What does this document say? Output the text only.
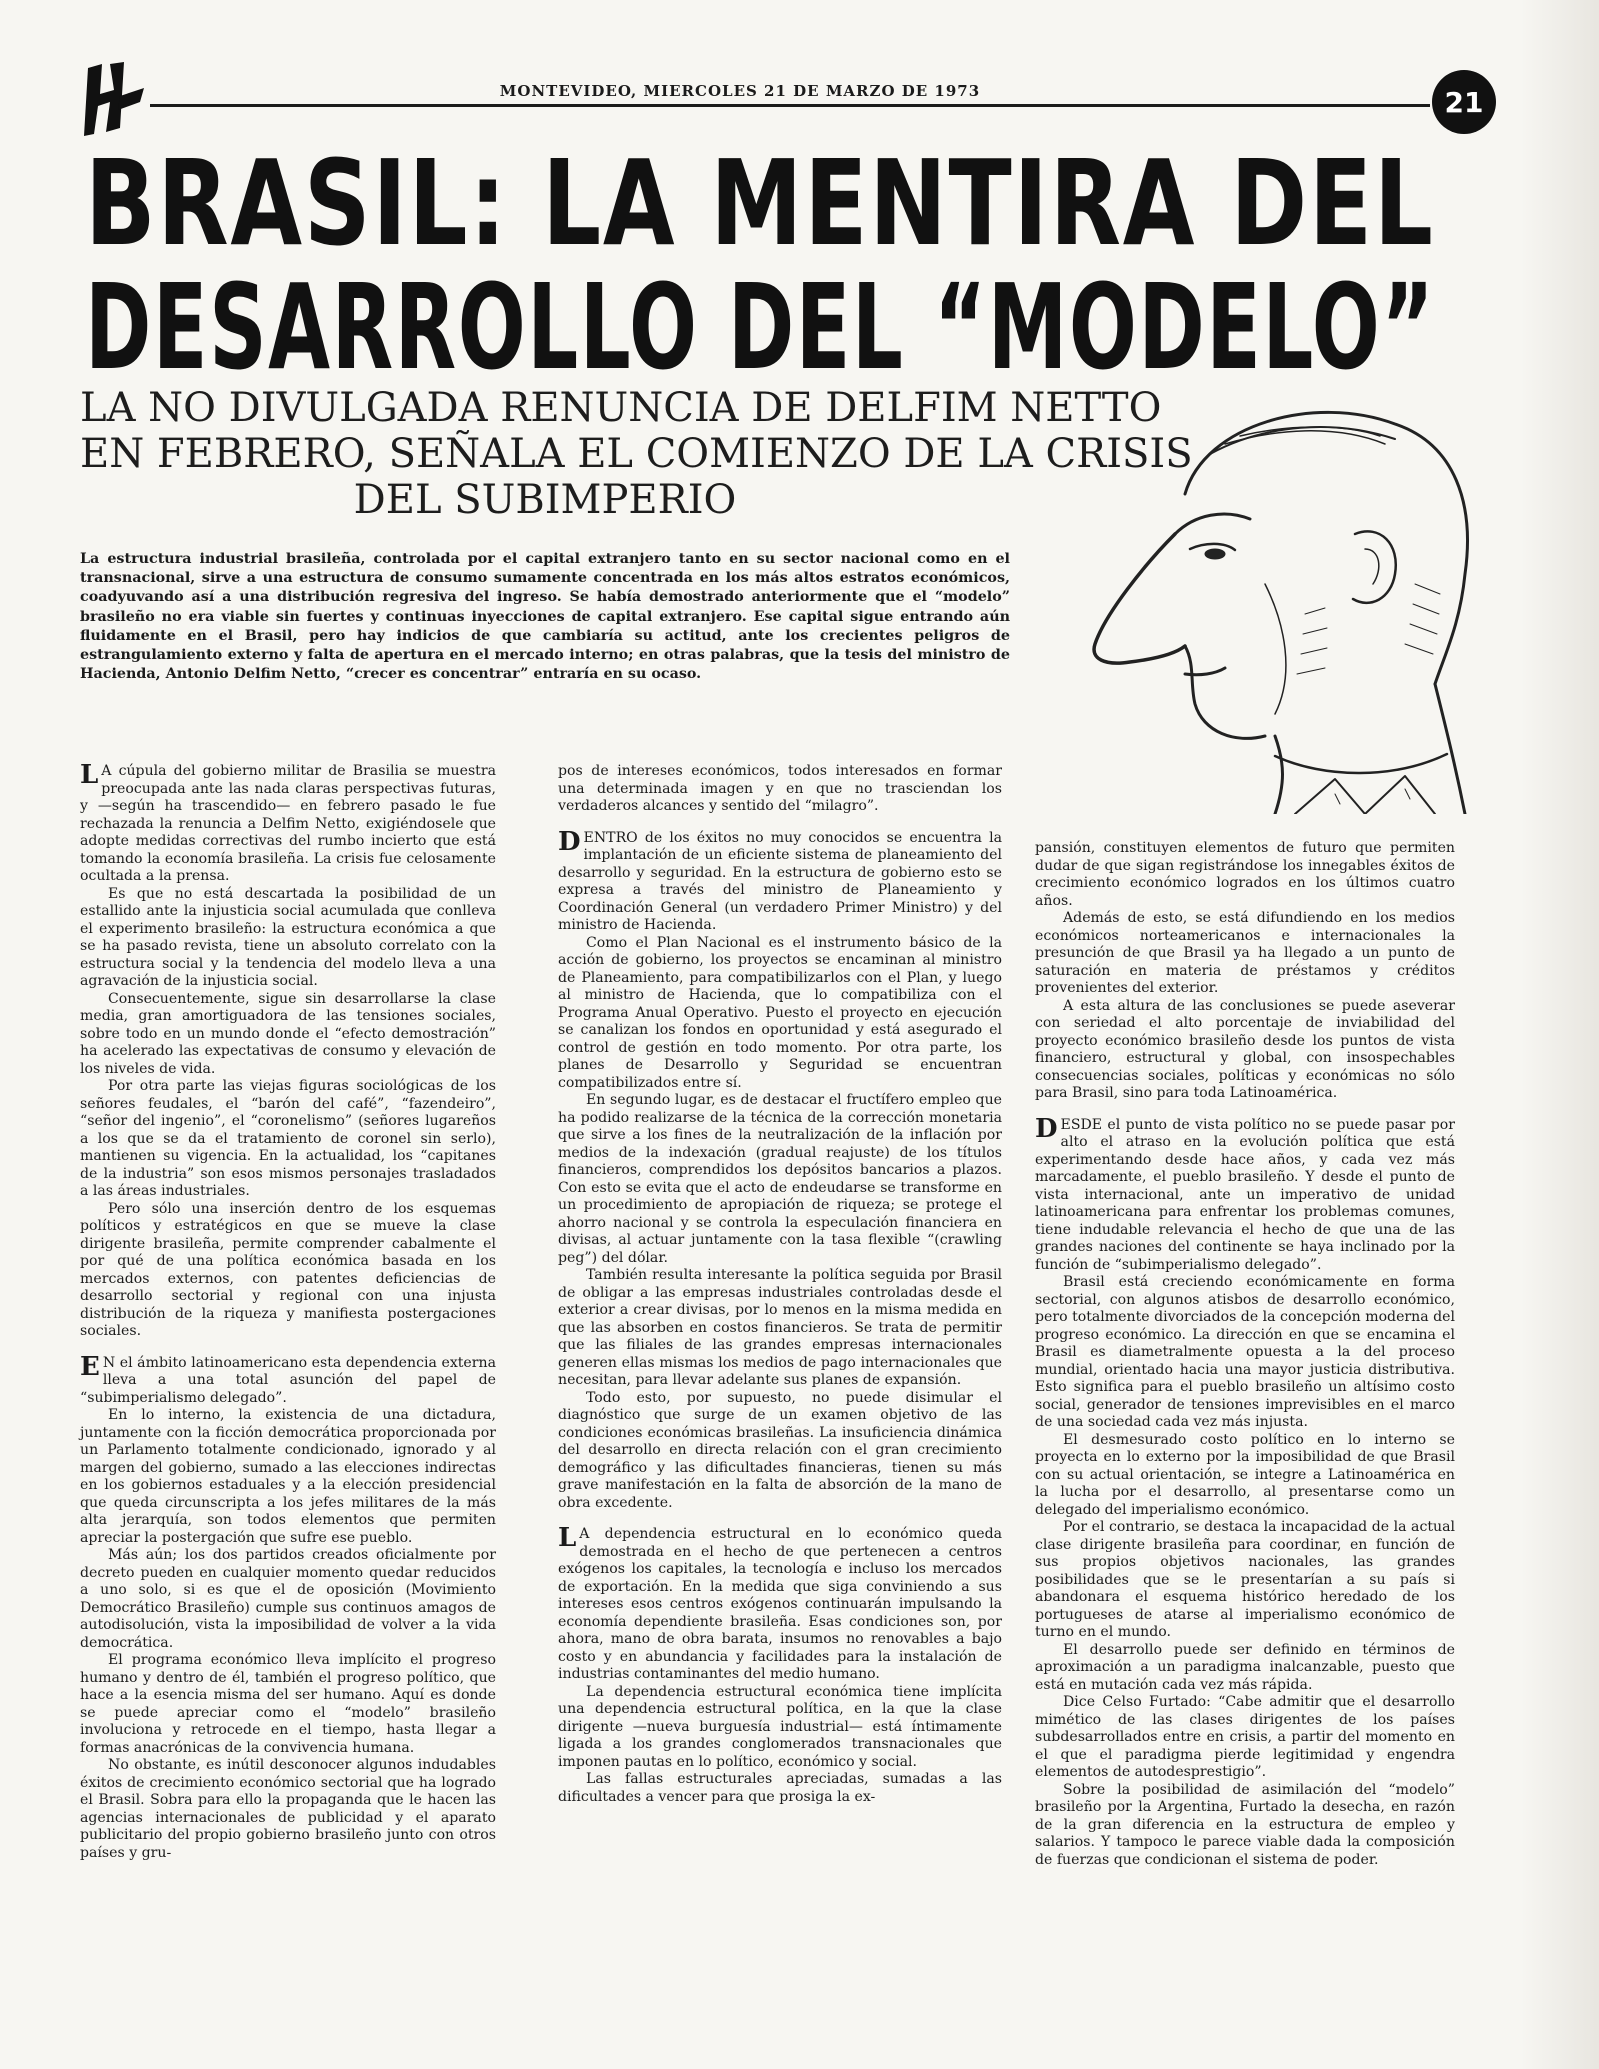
MONTEVIDEO, MIERCOLES 21 DE MARZO DE 1973	21
BRASIL: LA MENTIRA DEL
DESARROLLO DEL “MODELO”
LA NO DIVULGADA RENUNCIA DE DELFIM NETTO
EN FEBRERO, SEÑALA EL COMIENZO DE LA CRISIS
DEL SUBIMPERIO
La estructura industrial brasileña, controlada por el capital extranjero tanto en su sector nacional como en el transnacional, sirve a una estructura de consumo sumamente concentrada en los más altos estratos económicos, coadyuvando así a una distribución regresiva del ingreso. Se había demostrado anteriormente que el “modelo” brasileño no era viable sin fuertes y continuas inyecciones de capital extranjero. Ese capital sigue entrando aún fluidamente en el Brasil, pero hay indicios de que cambiaría su actitud, ante los crecientes peligros de estrangulamiento externo y falta de apertura en el mercado interno; en otras palabras, que la tesis del ministro de Hacienda, Antonio Delfim Netto, “crecer es concentrar” entraría en su ocaso.

L A cúpula del gobierno militar de Brasilia se muestra preocupada ante las nada claras perspectivas futuras, y —según ha trascendido— en febrero pasado le fue rechazada la renuncia a Delfim Netto, exigiéndosele que adopte medidas correctivas del rumbo incierto que está tomando la economía brasileña. La crisis fue celosamente ocultada a la prensa.

Es que no está descartada la posibilidad de un estallido ante la injusticia social acumulada que conlleva el experimento brasileño: la estructura económica a que se ha pasado revista, tiene un absoluto correlato con la estructura social y la tendencia del modelo lleva a una agravación de la injusticia social.

Consecuentemente, sigue sin desarrollarse la clase media, gran amortiguadora de las tensiones sociales, sobre todo en un mundo donde el “efecto demostración” ha acelerado las expectativas de consumo y elevación de los niveles de vida.

Por otra parte las viejas figuras sociológicas de los señores feudales, el “barón del café”, “fazendeiro”, “señor del ingenio”, el “coronelismo” (señores lugareños a los que se da el tratamiento de coronel sin serlo), mantienen su vigencia. En la actualidad, los “capitanes de la industria” son esos mismos personajes trasladados a las áreas industriales.

Pero sólo una inserción dentro de los esquemas políticos y estratégicos en que se mueve la clase dirigente brasileña, permite comprender cabalmente el por qué de una política económica basada en los mercados externos, con patentes deficiencias de desarrollo sectorial y regional con una injusta distribución de la riqueza y manifiesta postergaciones sociales.

E N el ámbito latinoamericano esta dependencia externa lleva a una total asunción del papel de “subimperialismo delegado”.

En lo interno, la existencia de una dictadura, juntamente con la ficción democrática proporcionada por un Parlamento totalmente condicionado, ignorado y al margen del gobierno, sumado a las elecciones indirectas en los gobiernos estaduales y a la elección presidencial que queda circunscripta a los jefes militares de la más alta jerarquía, son todos elementos que permiten apreciar la postergación que sufre ese pueblo.

Más aún; los dos partidos creados oficialmente por decreto pueden en cualquier momento quedar reducidos a uno solo, si es que el de oposición (Movimiento Democrático Brasileño) cumple sus continuos amagos de autodisolución, vista la imposibilidad de volver a la vida democrática.

El programa económico lleva implícito el progreso humano y dentro de él, también el progreso político, que hace a la esencia misma del ser humano. Aquí es donde se puede apreciar como el “modelo” brasileño involuciona y retrocede en el tiempo, hasta llegar a formas anacrónicas de la convivencia humana.

No obstante, es inútil desconocer algunos indudables éxitos de crecimiento económico sectorial que ha logrado el Brasil. Sobra para ello la propaganda que le hacen las agencias internacionales de publicidad y el aparato publicitario del propio gobierno brasileño junto con otros países y gru-

pos de intereses económicos, todos interesados en formar una determinada imagen y en que no trasciendan los verdaderos alcances y sentido del “milagro”.

DENTRO de los éxitos no muy conocidos se encuentra la implantación de un eficiente sistema de planeamiento del desarrollo y seguridad. En la estructura de gobierno esto se expresa a través del ministro de Planeamiento y Coordinación General (un verdadero Primer Ministro) y del ministro de Hacienda.

Como el Plan Nacional es el instrumento básico de la acción de gobierno, los proyectos se encaminan al ministro de Planeamiento, para compatibilizarlos con el Plan, y luego al ministro de Hacienda, que lo compatibiliza con el Programa Anual Operativo. Puesto el proyecto en ejecución se canalizan los fondos en oportunidad y está asegurado el control de gestión en todo momento. Por otra parte, los planes de Desarrollo y Seguridad se encuentran compatibilizados entre sí.

En segundo lugar, es de destacar el fructífero empleo que ha podido realizarse de la técnica de la corrección monetaria que sirve a los fines de la neutralización de la inflación por medios de la indexación (gradual reajuste) de los títulos financieros, comprendidos los depósitos bancarios a plazos. Con esto se evita que el acto de endeudarse se transforme en un procedimiento de apropiación de riqueza; se protege el ahorro nacional y se controla la especulación financiera en divisas, al actuar juntamente con la tasa flexible “(crawling peg”) del dólar.

También resulta interesante la política seguida por Brasil de obligar a las empresas industriales controladas desde el exterior a crear divisas, por lo menos en la misma medida en que las absorben en costos financieros. Se trata de permitir que las filiales de las grandes empresas internacionales generen ellas mismas los medios de pago internacionales que necesitan, para llevar adelante sus planes de expansión.

Todo esto, por supuesto, no puede disimular el diagnóstico que surge de un examen objetivo de las condiciones económicas brasileñas. La insuficiencia dinámica del desarrollo en directa relación con el gran crecimiento demográfico y las dificultades financieras, tienen su más grave manifestación en la falta de absorción de la mano de obra excedente.

L A dependencia estructural en lo económico queda demostrada en el hecho de que pertenecen a centros exógenos los capitales, la tecnología e incluso los mercados de exportación. En la medida que siga conviniendo a sus intereses esos centros exógenos continuarán impulsando la economía dependiente brasileña. Esas condiciones son, por ahora, mano de obra barata, insumos no renovables a bajo costo y en abundancia y facilidades para la instalación de industrias contaminantes del medio humano.

La dependencia estructural económica tiene implícita una dependencia estructural política, en la que la clase dirigente —nueva burguesía industrial— está íntimamente ligada a los grandes conglomerados transnacionales que imponen pautas en lo político, económico y social.

Las fallas estructurales apreciadas, sumadas a las dificultades a vencer para que prosiga la ex-

pansión, constituyen elementos de futuro que permiten dudar de que sigan registrándose los innegables éxitos de crecimiento económico logrados en los últimos cuatro años.

Además de esto, se está difundiendo en los medios económicos norteamericanos e internacionales la presunción de que Brasil ya ha llegado a un punto de saturación en materia de préstamos y créditos provenientes del exterior.

A esta altura de las conclusiones se puede aseverar con seriedad el alto porcentaje de inviabilidad del proyecto económico brasileño desde los puntos de vista financiero, estructural y global, con insospechables consecuencias sociales, políticas y económicas no sólo para Brasil, sino para toda Latinoamérica.

DESDE el punto de vista político no se puede pasar por alto el atraso en la evolución política que está experimentando desde hace años, y cada vez más marcadamente, el pueblo brasileño. Y desde el punto de vista internacional, ante un imperativo de unidad latinoamericana para enfrentar los problemas comunes, tiene indudable relevancia el hecho de que una de las grandes naciones del continente se haya inclinado por la función de “subimperialismo delegado”.

Brasil está creciendo económicamente en forma sectorial, con algunos atisbos de desarrollo económico, pero totalmente divorciados de la concepción moderna del progreso económico. La dirección en que se encamina el Brasil es diametralmente opuesta a la del proceso mundial, orientado hacia una mayor justicia distributiva. Esto significa para el pueblo brasileño un altísimo costo social, generador de tensiones imprevisibles en el marco de una sociedad cada vez más injusta.

El desmesurado costo político en lo interno se proyecta en lo externo por la imposibilidad de que Brasil con su actual orientación, se integre a Latinoamérica en la lucha por el desarrollo, al presentarse como un delegado del imperialismo económico.

Por el contrario, se destaca la incapacidad de la actual clase dirigente brasileña para coordinar, en función de sus propios objetivos nacionales, las grandes posibilidades que se le presentarían a su país si abandonara el esquema histórico heredado de los portugueses de atarse al imperialismo económico de turno en el mundo.

El desarrollo puede ser definido en términos de aproximación a un paradigma inalcanzable, puesto que está en mutación cada vez más rápida.

Dice Celso Furtado: “Cabe admitir que el desarrollo mimético de las clases dirigentes de los países subdesarrollados entre en crisis, a partir del momento en el que el paradigma pierde legitimidad y engendra elementos de autodesprestigio”.

Sobre la posibilidad de asimilación del “modelo” brasileño por la Argentina, Furtado la desecha, en razón de la gran diferencia en la estructura de empleo y salarios. Y tampoco le parece viable dada la composición de fuerzas que condicionan el sistema de poder.
